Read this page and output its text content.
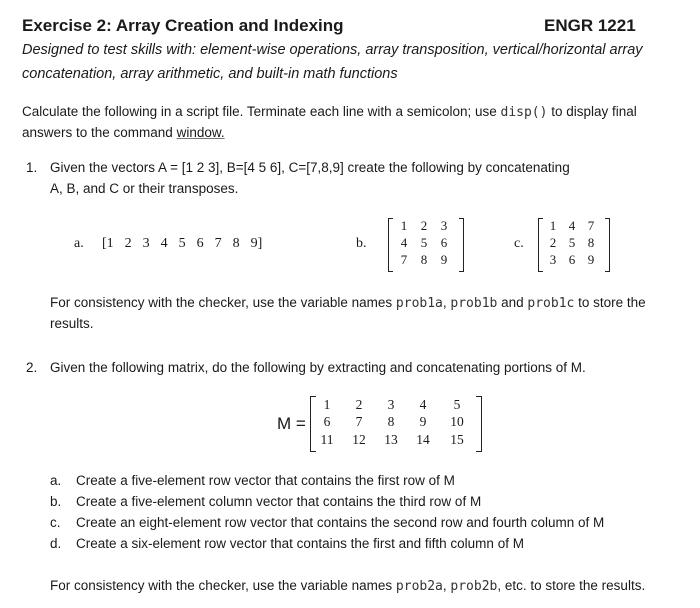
Exercise 2: Array Creation and Indexing	ENGR 1221
Designed to test skills with: element-wise operations, array transposition, vertical/horizontal array
concatenation, array arithmetic, and built-in math functions
Calculate the following in a script file. Terminate each line with a semicolon; use disp() to display final
answers to the command window.
1. Given the vectors A = [1 2 3], B=[4 5 6], C=[7,8,9] create the following by concatenating
A, B, and C or their transposes.
a. [1  2  3  4  5  6  7  8  9]	b.
1	2	3
4	5	6
7	8	9
c.
1 4 7
2 5 8
3 6 9
For consistency with the checker, use the variable names prob1a, prob1b and prob1c to store the
results.
2. Given the following matrix, do the following by extracting and concatenating portions of M.
M =
1	2	3	4	5
6	7	8	9	10
11	12	13	14	15
a. Create a five-element row vector that contains the first row of M
b. Create a five-element column vector that contains the third row of M
c. Create an eight-element row vector that contains the second row and fourth column of M
d. Create a six-element row vector that contains the first and fifth column of M
For consistency with the checker, use the variable names prob2a, prob2b, etc. to store the results.
